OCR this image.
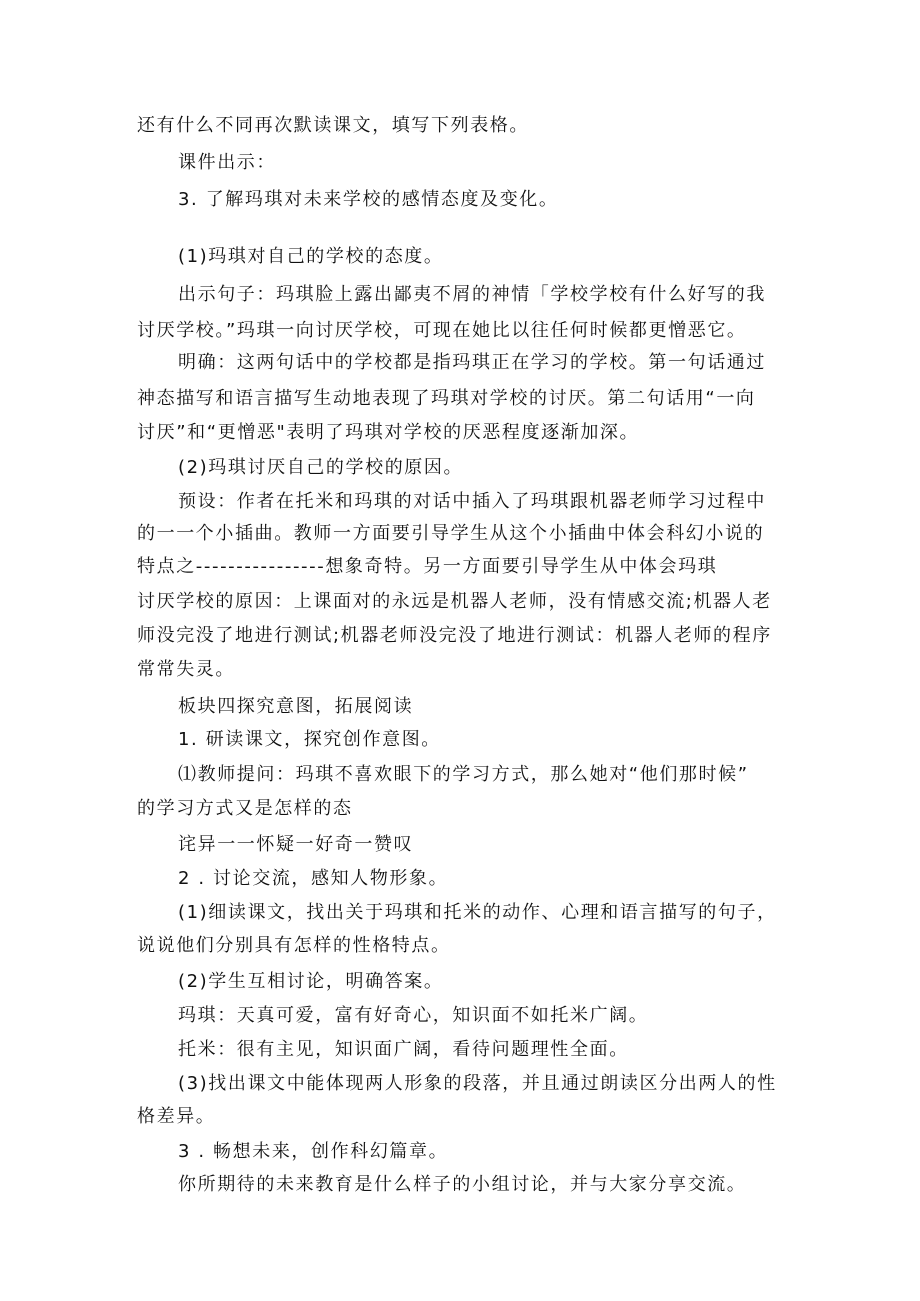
还有什么不同再次默读课文，填写下列表格。
课件出示：
3. 了解玛琪对未来学校的感情态度及变化。
(1)玛琪对自己的学校的态度。
出示句子：玛琪脸上露出鄙夷不屑的神情「学校学校有什么好写的我
讨厌学校。”玛琪一向讨厌学校，可现在她比以往任何时候都更憎恶它。
明确：这两句话中的学校都是指玛琪正在学习的学校。第一句话通过
神态描写和语言描写生动地表现了玛琪对学校的讨厌。第二句话用“一向
讨厌”和“更憎恶"表明了玛琪对学校的厌恶程度逐渐加深。
(2)玛琪讨厌自己的学校的原因。
预设：作者在托米和玛琪的对话中插入了玛琪跟机器老师学习过程中
的一一个小插曲。教师一方面要引导学生从这个小插曲中体会科幻小说的
特点之----------------想象奇特。另一方面要引导学生从中体会玛琪
讨厌学校的原因：上课面对的永远是机器人老师，没有情感交流;机器人老
师没完没了地进行测试;机器老师没完没了地进行测试：机器人老师的程序
常常失灵。
板块四探究意图，拓展阅读
1. 研读课文，探究创作意图。
⑴教师提问：玛琪不喜欢眼下的学习方式，那么她对“他们那时候”
的学习方式又是怎样的态
诧异一一怀疑一好奇一赞叹
2 . 讨论交流，感知人物形象。
(1)细读课文，找出关于玛琪和托米的动作、心理和语言描写的句子，
说说他们分别具有怎样的性格特点。
(2)学生互相讨论，明确答案。
玛琪：天真可爱，富有好奇心，知识面不如托米广阔。
托米：很有主见，知识面广阔，看待问题理性全面。
(3)找出课文中能体现两人形象的段落，并且通过朗读区分出两人的性
格差异。
3 . 畅想未来，创作科幻篇章。
你所期待的未来教育是什么样子的小组讨论，并与大家分享交流。
